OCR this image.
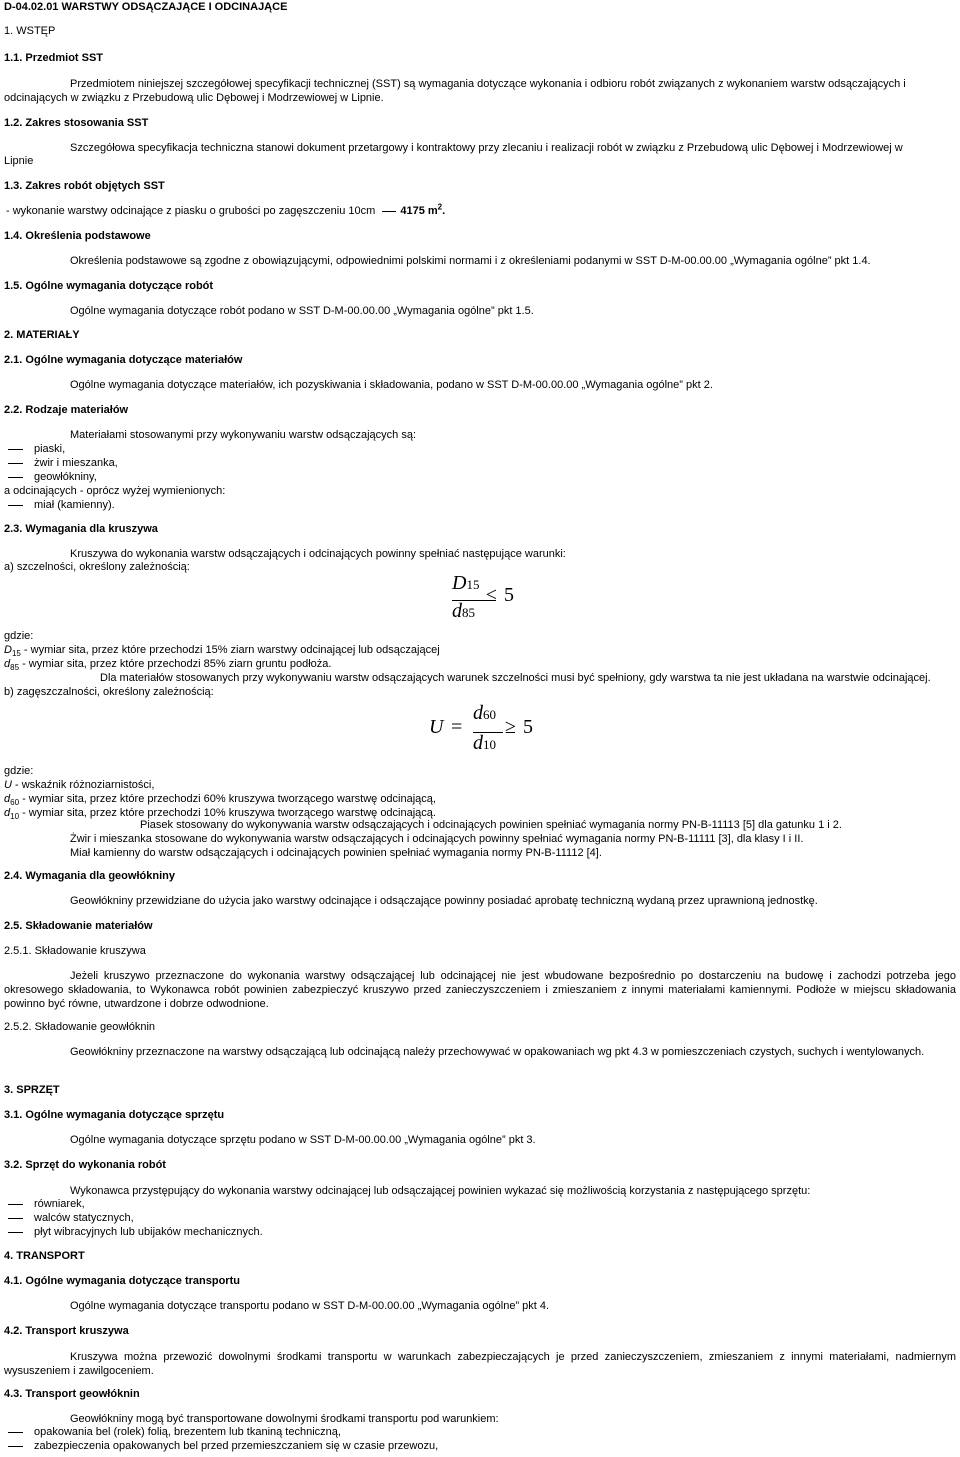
D-04.02.01 WARSTWY ODSĄCZAJĄCE I ODCINAJĄCE
1. WSTĘP
1.1. Przedmiot SST
Przedmiotem niniejszej szczegółowej specyfikacji technicznej (SST) są wymagania dotyczące wykonania i odbioru robót związanych z wykonaniem warstw odsączających i
odcinających w związku z Przebudową ulic Dębowej i Modrzewiowej w Lipnie.
1.2. Zakres stosowania SST
Szczegółowa specyfikacja techniczna stanowi dokument przetargowy i kontraktowy przy zlecaniu i realizacji robót w związku z Przebudową ulic Dębowej i Modrzewiowej w
Lipnie
1.3. Zakres robót objętych SST
- wykonanie warstwy odcinające z piasku o grubości po zagęszczeniu 10cm 4175 $m^2$.
1.4. Określenia podstawowe
Określenia podstawowe są zgodne z obowiązującymi, odpowiednimi polskimi normami i z określeniami podanymi w SST D-M-00.00.00 „Wymagania ogólne” pkt 1.4.
1.5. Ogólne wymagania dotyczące robót
Ogólne wymagania dotyczące robót podano w SST D-M-00.00.00 „Wymagania ogólne” pkt 1.5.
2. MATERIAŁY
2.1. Ogólne wymagania dotyczące materiałów
Ogólne wymagania dotyczące materiałów, ich pozyskiwania i składowania, podano w SST D-M-00.00.00 „Wymagania ogólne” pkt 2.
2.2. Rodzaje materiałów
Materiałami stosowanymi przy wykonywaniu warstw odsączających są:
piaski,
żwir i mieszanka,
geowłókniny,
a odcinających - oprócz wyżej wymienionych:
miał (kamienny).
2.3. Wymagania dla kruszywa
Kruszywa do wykonania warstw odsączających i odcinających powinny spełniać następujące warunki:
a) szczelności, określony zależnością:
D15
d85
≤ 5
gdzie:
$D_{15}$ - wymiar sita, przez które przechodzi 15% ziarn warstwy odcinającej lub odsączającej
$d_{85}$ - wymiar sita, przez które przechodzi 85% ziarn gruntu podłoża.
Dla materiałów stosowanych przy wykonywaniu warstw odsączających warunek szczelności musi być spełniony, gdy warstwa ta nie jest układana na warstwie odcinającej.
b) zagęszczalności, określony zależnością:
U =
d60
d10
≥ 5
gdzie:
U - wskaźnik różnoziarnistości,
$d_{60}$ - wymiar sita, przez które przechodzi 60% kruszywa tworzącego warstwę odcinającą,
$d_{10}$ - wymiar sita, przez które przechodzi 10% kruszywa tworzącego warstwę odcinającą.
Piasek stosowany do wykonywania warstw odsączających i odcinających powinien spełniać wymagania normy PN-B-11113 [5] dla gatunku 1 i 2.
Żwir i mieszanka stosowane do wykonywania warstw odsączających i odcinających powinny spełniać wymagania normy PN-B-11111 [3], dla klasy I i II.
Miał kamienny do warstw odsączających i odcinających powinien spełniać wymagania normy PN-B-11112 [4].
2.4. Wymagania dla geowłókniny
Geowłókniny przewidziane do użycia jako warstwy odcinające i odsączające powinny posiadać aprobatę techniczną wydaną przez uprawnioną jednostkę.
2.5. Składowanie materiałów
2.5.1. Składowanie kruszywa
Jeżeli kruszywo przeznaczone do wykonania warstwy odsączającej lub odcinającej nie jest wbudowane bezpośrednio po dostarczeniu na budowę i zachodzi potrzeba jego okresowego składowania, to Wykonawca robót powinien zabezpieczyć kruszywo przed zanieczyszczeniem i zmieszaniem z innymi materiałami kamiennymi. Podłoże w miejscu składowania powinno być równe, utwardzone i dobrze odwodnione.
2.5.2. Składowanie geowłóknin
Geowłókniny przeznaczone na warstwy odsączającą lub odcinającą należy przechowywać w opakowaniach wg pkt 4.3 w pomieszczeniach czystych, suchych i wentylowanych.
3. SPRZĘT
3.1. Ogólne wymagania dotyczące sprzętu
Ogólne wymagania dotyczące sprzętu podano w SST D-M-00.00.00 „Wymagania ogólne” pkt 3.
3.2. Sprzęt do wykonania robót
Wykonawca przystępujący do wykonania warstwy odcinającej lub odsączającej powinien wykazać się możliwością korzystania z następującego sprzętu:
równiarek,
walców statycznych,
płyt wibracyjnych lub ubijaków mechanicznych.
4. TRANSPORT
4.1. Ogólne wymagania dotyczące transportu
Ogólne wymagania dotyczące transportu podano w SST D-M-00.00.00 „Wymagania ogólne” pkt 4.
4.2. Transport kruszywa
Kruszywa można przewozić dowolnymi środkami transportu w warunkach zabezpieczających je przed zanieczyszczeniem, zmieszaniem z innymi materiałami, nadmiernym wysuszeniem i zawilgoceniem.
4.3. Transport geowłóknin
Geowłókniny mogą być transportowane dowolnymi środkami transportu pod warunkiem:
opakowania bel (rolek) folią, brezentem lub tkaniną techniczną,
zabezpieczenia opakowanych bel przed przemieszczaniem się w czasie przewozu,
